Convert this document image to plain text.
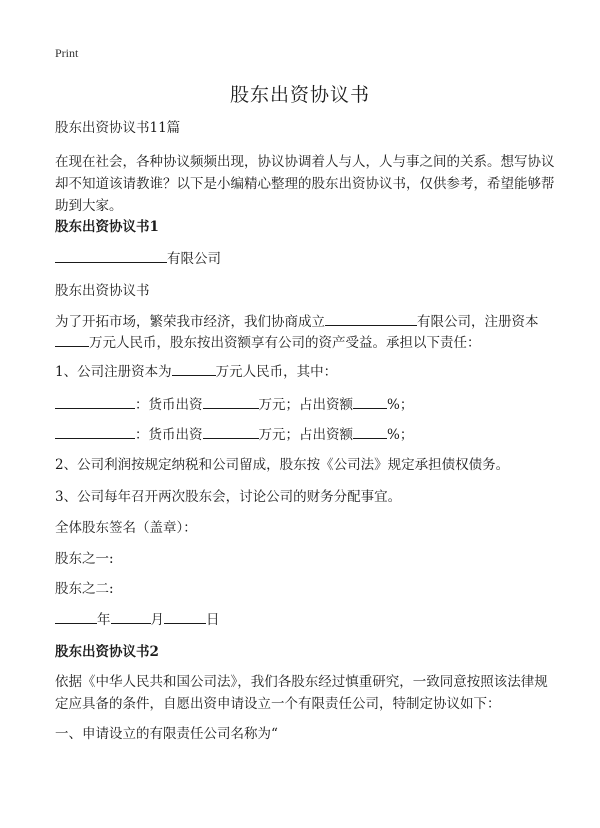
Print
股东出资协议书
股东出资协议书11篇
在现在社会，各种协议频频出现，协议协调着人与人，人与事之间的关系。想写协议却不知道该请教谁？以下是小编精心整理的股东出资协议书，仅供参考，希望能够帮助到大家。
股东出资协议书1
有限公司
股东出资协议书
为了开拓市场，繁荣我市经济，我们协商成立	有限公司，注册资本
万元人民币，股东按出资额享有公司的资产受益。承担以下责任：
1、公司注册资本为	万元人民币，其中：
：货币出资	万元；占出资额	%；
：货币出资	万元；占出资额	%；
2、公司利润按规定纳税和公司留成，股东按《公司法》规定承担债权债务。
3、公司每年召开两次股东会，讨论公司的财务分配事宜。
全体股东签名（盖章）：
股东之一:
股东之二:
年	月	日
股东出资协议书2
依据《中华人民共和国公司法》，我们各股东经过慎重研究，一致同意按照该法律规定应具备的条件，自愿出资申请设立一个有限责任公司，特制定协议如下：
一、申请设立的有限责任公司名称为“
